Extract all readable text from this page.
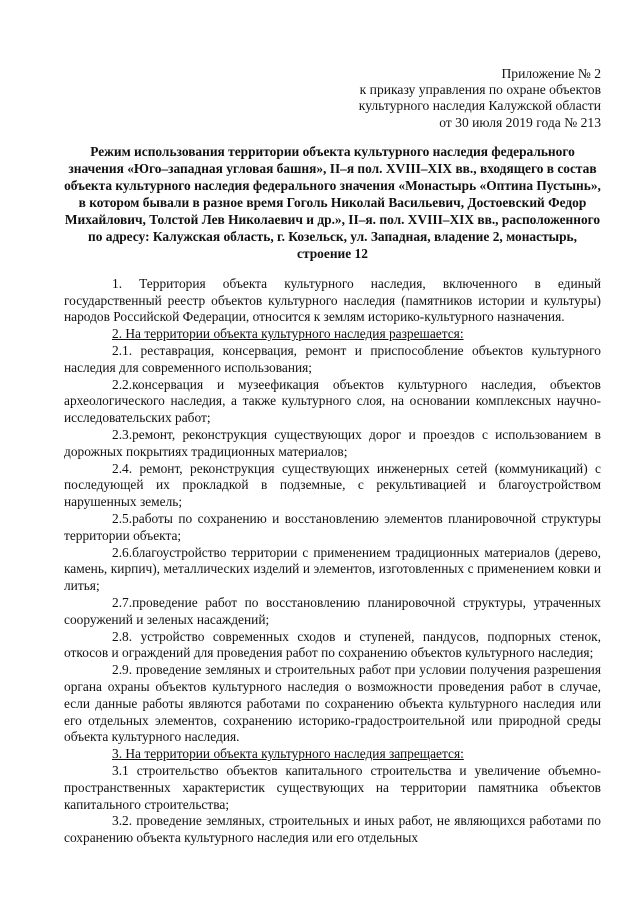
Приложение № 2
к приказу управления по охране объектов
культурного наследия Калужской области
от 30 июля 2019 года № 213
Режим использования территории объекта культурного наследия федерального значения «Юго–западная угловая башня», II–я пол. XVIII–XIX вв., входящего в состав объекта культурного наследия федерального значения «Монастырь «Оптина Пустынь», в котором бывали в разное время Гоголь Николай Васильевич, Достоевский Федор Михайлович, Толстой Лев Николаевич и др.», II–я. пол. XVIII–XIX вв., расположенного по адресу: Калужская область, г. Козельск, ул. Западная, владение 2, монастырь, строение 12

1. Территория объекта культурного наследия, включенного в единый государственный реестр объектов культурного наследия (памятников истории и культуры) народов Российской Федерации, относится к землям историко-культурного назначения.

2. На территории объекта культурного наследия разрешается:

2.1. реставрация, консервация, ремонт и приспособление объектов культурного наследия для современного использования;

2.2.консервация и музеефикация объектов культурного наследия, объектов археологического наследия, а также культурного слоя, на основании комплексных научно-исследовательских работ;

2.3.ремонт, реконструкция существующих дорог и проездов с использованием в дорожных покрытиях традиционных материалов;

2.4. ремонт, реконструкция существующих инженерных сетей (коммуникаций) с последующей их прокладкой в подземные, с рекультивацией и благоустройством нарушенных земель;

2.5.работы по сохранению и восстановлению элементов планировочной структуры территории объекта;

2.6.благоустройство территории с применением традиционных материалов (дерево, камень, кирпич), металлических изделий и элементов, изготовленных с применением ковки и литья;

2.7.проведение работ по восстановлению планировочной структуры, утраченных сооружений и зеленых насаждений;

2.8. устройство современных сходов и ступеней, пандусов, подпорных стенок, откосов и ограждений для проведения работ по сохранению объектов культурного наследия;

2.9. проведение земляных и строительных работ при условии получения разрешения органа охраны объектов культурного наследия о возможности проведения работ в случае, если данные работы являются работами по сохранению объекта культурного наследия или его отдельных элементов, сохранению историко-градостроительной или природной среды объекта культурного наследия.

3. На территории объекта культурного наследия запрещается:

3.1 строительство объектов капитального строительства и увеличение объемно-пространственных характеристик существующих на территории памятника объектов капитального строительства;

3.2. проведение земляных, строительных и иных работ, не являющихся работами по сохранению объекта культурного наследия или его отдельных
